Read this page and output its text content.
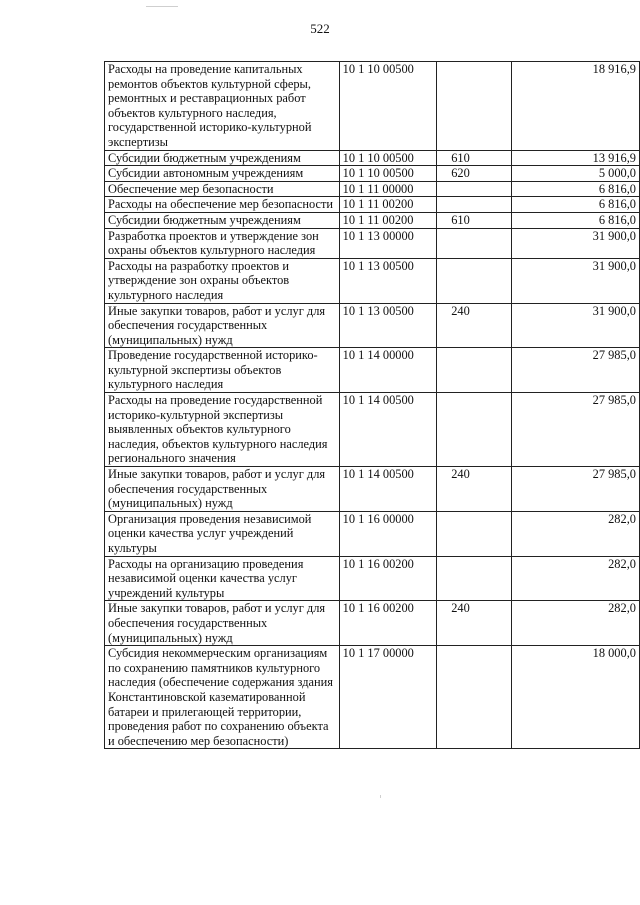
522
Расходы на проведение капитальных ремонтов объектов культурной сферы, ремонтных и реставрационных работ объектов культурного наследия, государственной историко-культурной экспертизы	10 1 10 00500		18 916,9
Субсидии бюджетным учреждениям	10 1 10 00500	610	13 916,9
Субсидии автономным учреждениям	10 1 10 00500	620	5 000,0
Обеспечение мер безопасности	10 1 11 00000		6 816,0
Расходы на обеспечение мер безопасности	10 1 11 00200		6 816,0
Субсидии бюджетным учреждениям	10 1 11 00200	610	6 816,0
Разработка проектов и утверждение зон охраны объектов культурного наследия	10 1 13 00000		31 900,0
Расходы на разработку проектов и утверждение зон охраны объектов культурного наследия	10 1 13 00500		31 900,0
Иные закупки товаров, работ и услуг для обеспечения государственных (муниципальных) нужд	10 1 13 00500	240	31 900,0
Проведение государственной историко-культурной экспертизы объектов культурного наследия	10 1 14 00000		27 985,0
Расходы на проведение государственной историко-культурной экспертизы выявленных объектов культурного наследия, объектов культурного наследия регионального значения	10 1 14 00500		27 985,0
Иные закупки товаров, работ и услуг для обеспечения государственных (муниципальных) нужд	10 1 14 00500	240	27 985,0
Организация проведения независимой оценки качества услуг учреждений культуры	10 1 16 00000		282,0
Расходы на организацию проведения независимой оценки качества услуг учреждений культуры	10 1 16 00200		282,0
Иные закупки товаров, работ и услуг для обеспечения государственных (муниципальных) нужд	10 1 16 00200	240	282,0
Субсидия некоммерческим организациям по сохранению памятников культурного наследия (обеспечение содержания здания Константиновской казематированной батареи и прилегающей территории, проведения работ по сохранению объекта и обеспечению мер безопасности)	10 1 17 00000		18 000,0
